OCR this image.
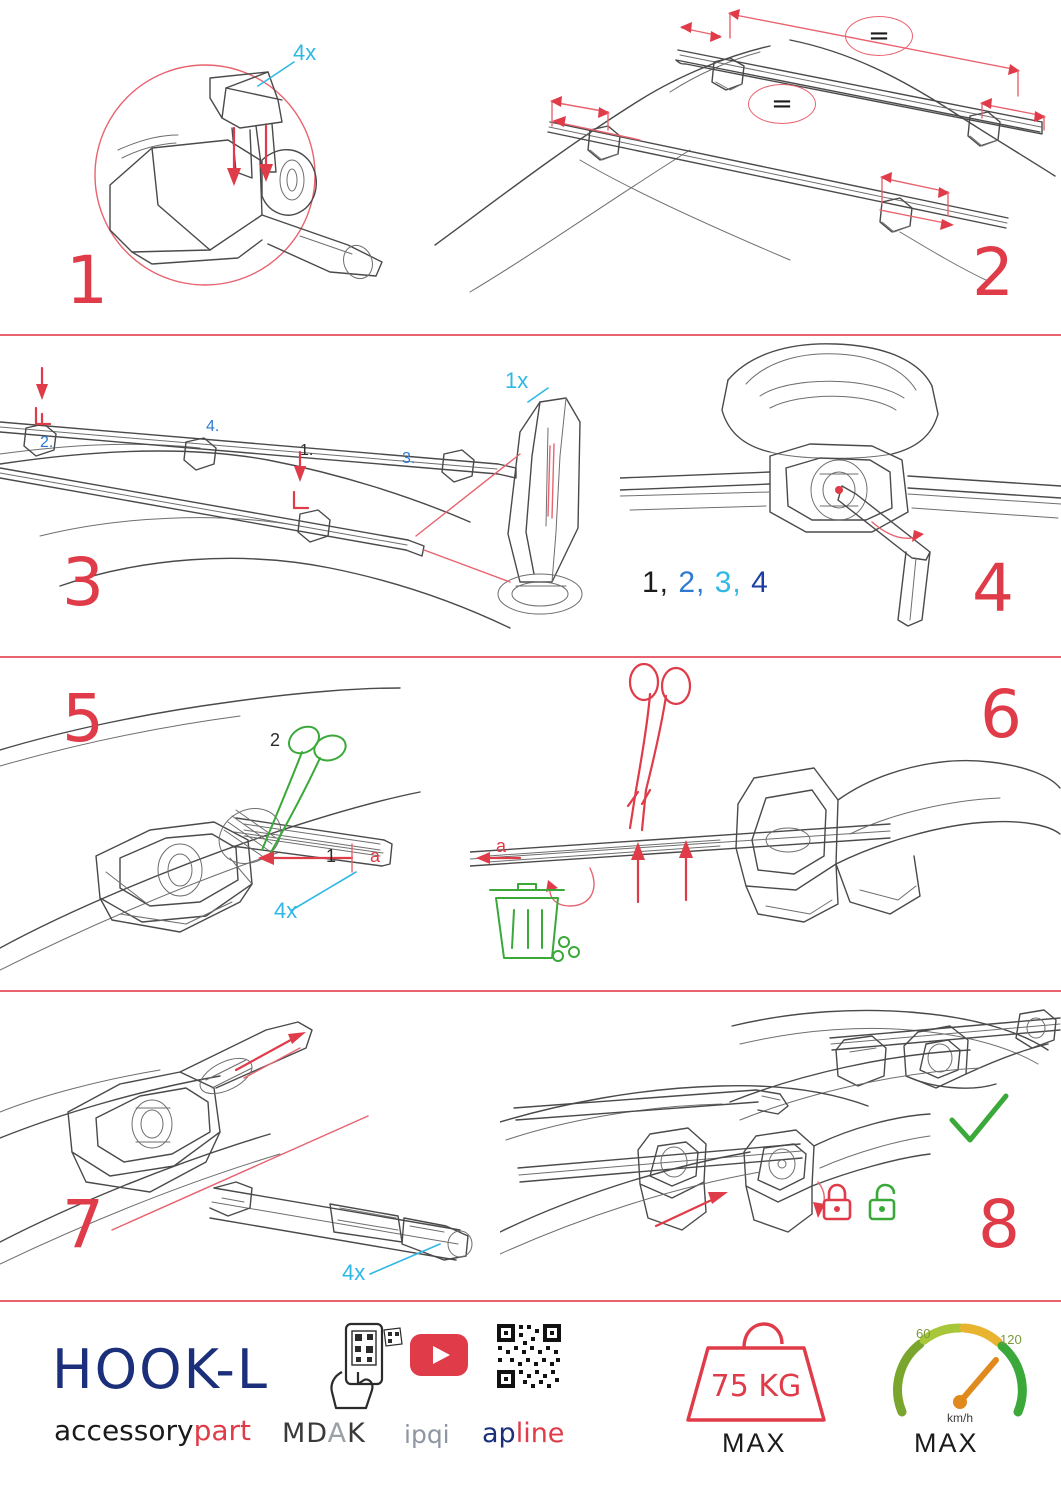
4x
1
=
=
2
1x
1.
2.
3.
4.
3	1, 2, 3, 4	4
5	2
1 a
4x
6
a
4x
7	8
HOOK-L
accessorypart MDAK ipqi apline
75 KG
MAX
60	120
km/h
MAX
